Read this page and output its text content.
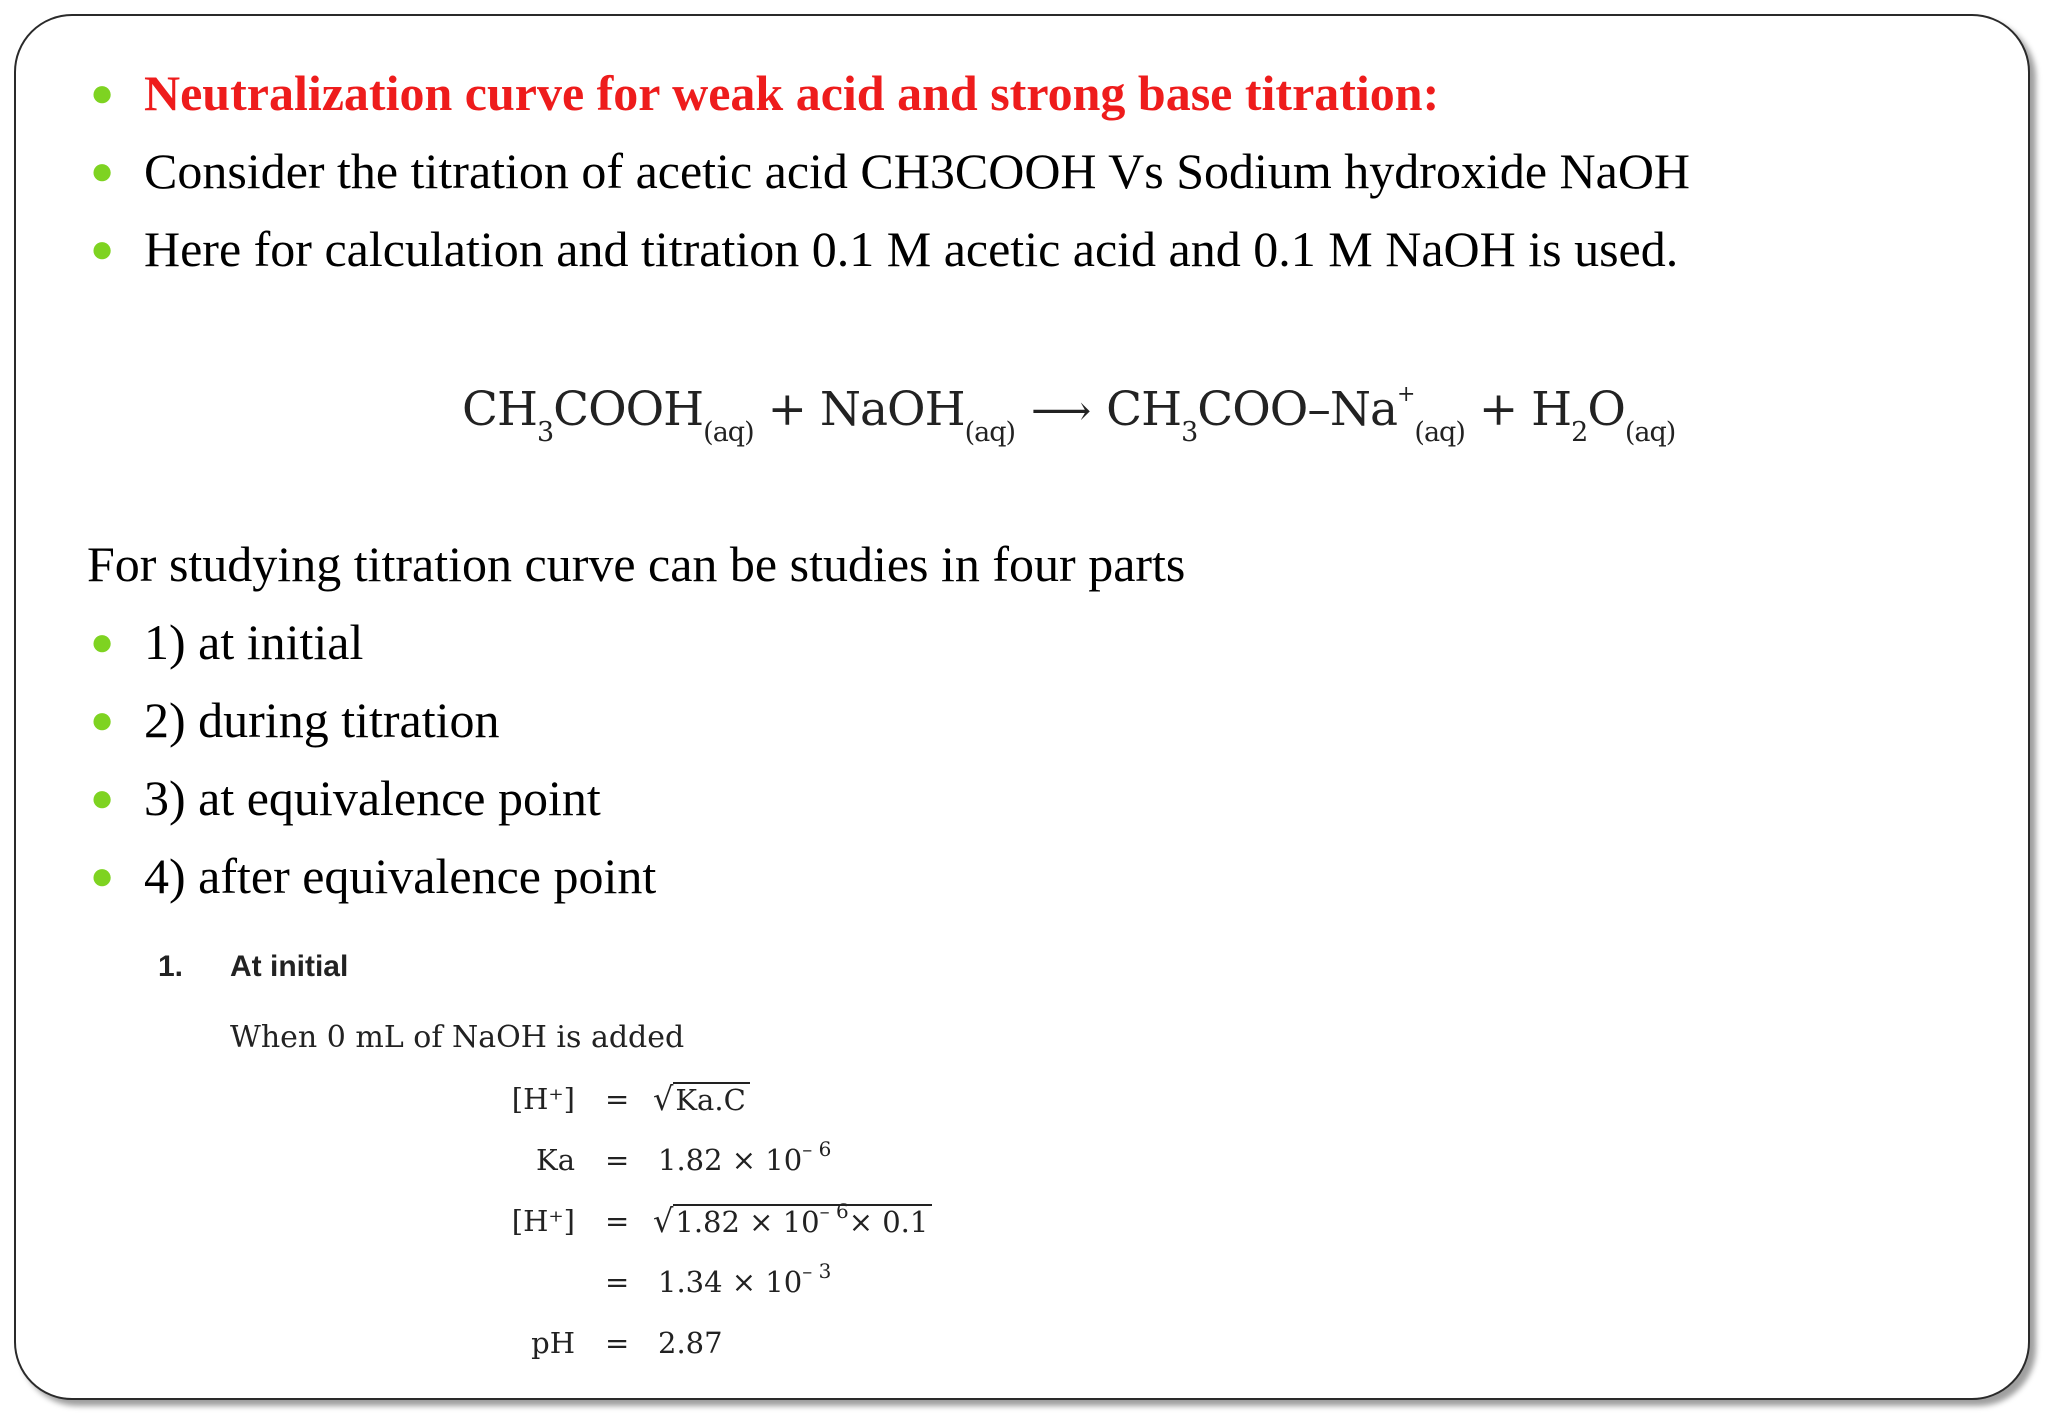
● Neutralization curve for weak acid and strong base titration:
● Consider the titration of acetic acid CH3COOH Vs Sodium hydroxide NaOH
● Here for calculation and titration 0.1 M acetic acid and 0.1 M NaOH is used.
$CH_3COOH_{(aq)}$ + NaOH$_{(aq)}$ ⟶ $CH_3COO-Na^+_{(aq)} + H_2O_{(aq)}$
For studying titration curve can be studies in four parts
● 1) at initial
● 2) during titration
● 3) at equivalence point
● 4) after equivalence point
1. At initial
When 0 mL of NaOH is added
[H⁺] = √Ka.C
$Ka = 1.82 \times 10^{- 6}$
$[H^+] = √1.82 \times 10^{- 6}\times 0.1$
= $1.34 \times 10^{- 3}$
pH = 2.87
